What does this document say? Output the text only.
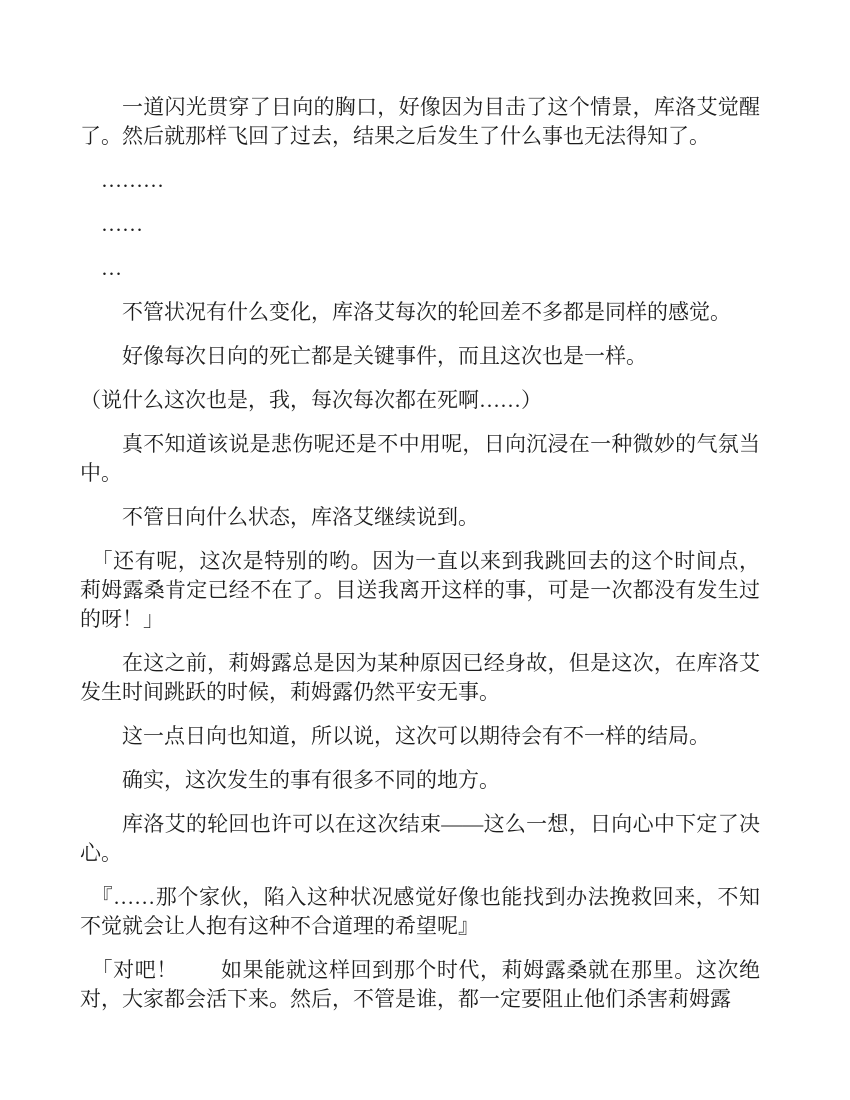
一道闪光贯穿了日向的胸口，好像因为目击了这个情景，库洛艾觉醒了。然后就那样飞回了过去，结果之后发生了什么事也无法得知了。

………

……

…

不管状况有什么变化，库洛艾每次的轮回差不多都是同样的感觉。

好像每次日向的死亡都是关键事件，而且这次也是一样。

（说什么这次也是，我，每次每次都在死啊……）

真不知道该说是悲伤呢还是不中用呢，日向沉浸在一种微妙的气氛当中。

不管日向什么状态，库洛艾继续说到。

「还有呢，这次是特别的哟。因为一直以来到我跳回去的这个时间点，莉姆露桑肯定已经不在了。目送我离开这样的事，可是一次都没有发生过的呀！」

在这之前，莉姆露总是因为某种原因已经身故，但是这次，在库洛艾发生时间跳跃的时候，莉姆露仍然平安无事。

这一点日向也知道，所以说，这次可以期待会有不一样的结局。

确实，这次发生的事有很多不同的地方。

库洛艾的轮回也许可以在这次结束——这么一想，日向心中下定了决心。

『……那个家伙，陷入这种状况感觉好像也能找到办法挽救回来，不知不觉就会让人抱有这种不合道理的希望呢』

「对吧！　　如果能就这样回到那个时代，莉姆露桑就在那里。这次绝对，大家都会活下来。然后，不管是谁，都一定要阻止他们杀害莉姆露
